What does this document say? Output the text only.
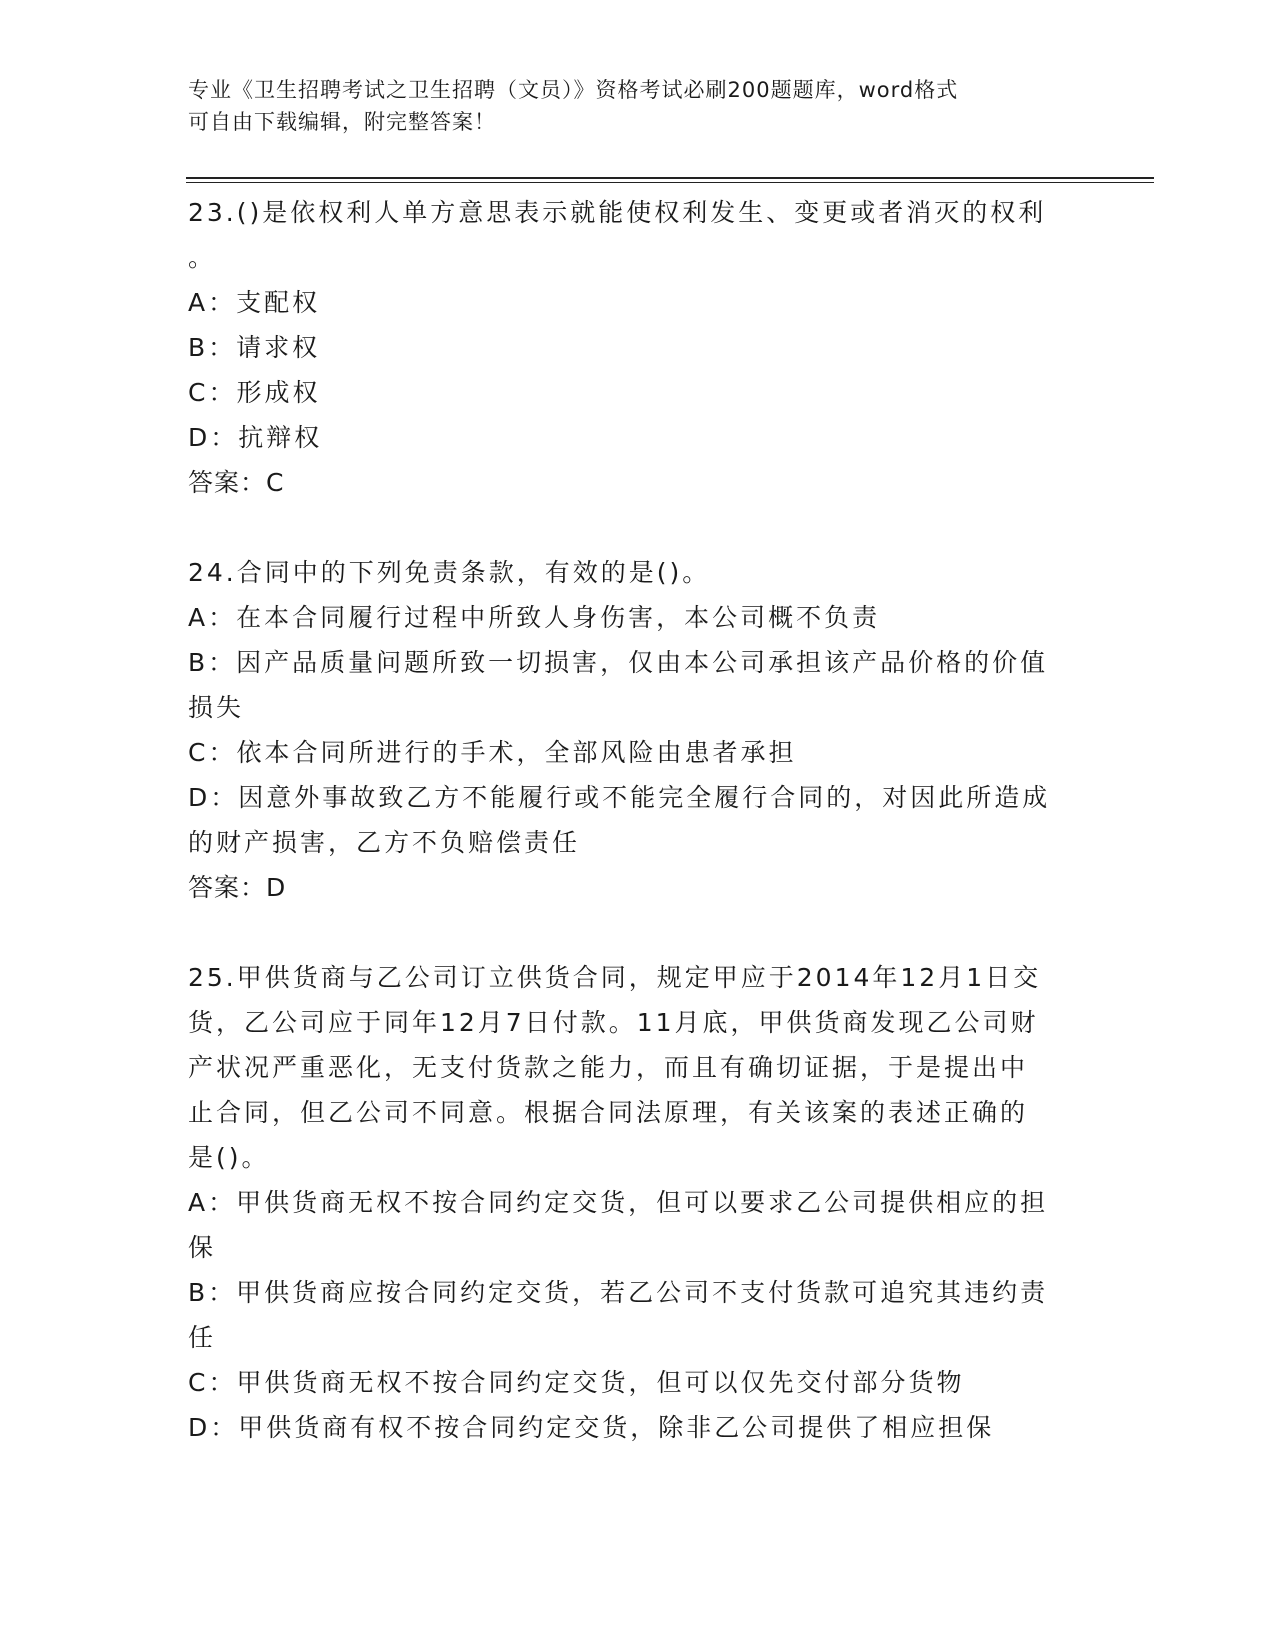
专业《卫生招聘考试之卫生招聘（文员）》资格考试必刷200题题库，word格式
可自由下载编辑，附完整答案！
23.()是依权利人单方意思表示就能使权利发生、变更或者消灭的权利
。
A：支配权
B：请求权
C：形成权
D：抗辩权
答案：C
24.合同中的下列免责条款，有效的是()。
A：在本合同履行过程中所致人身伤害，本公司概不负责
B：因产品质量问题所致一切损害，仅由本公司承担该产品价格的价值
损失
C：依本合同所进行的手术，全部风险由患者承担
D：因意外事故致乙方不能履行或不能完全履行合同的，对因此所造成
的财产损害，乙方不负赔偿责任
答案：D
25.甲供货商与乙公司订立供货合同，规定甲应于2014年12月1日交
货，乙公司应于同年12月7日付款。11月底，甲供货商发现乙公司财
产状况严重恶化，无支付货款之能力，而且有确切证据，于是提出中
止合同，但乙公司不同意。根据合同法原理，有关该案的表述正确的
是()。
A：甲供货商无权不按合同约定交货，但可以要求乙公司提供相应的担
保
B：甲供货商应按合同约定交货，若乙公司不支付货款可追究其违约责
任
C：甲供货商无权不按合同约定交货，但可以仅先交付部分货物
D：甲供货商有权不按合同约定交货，除非乙公司提供了相应担保
